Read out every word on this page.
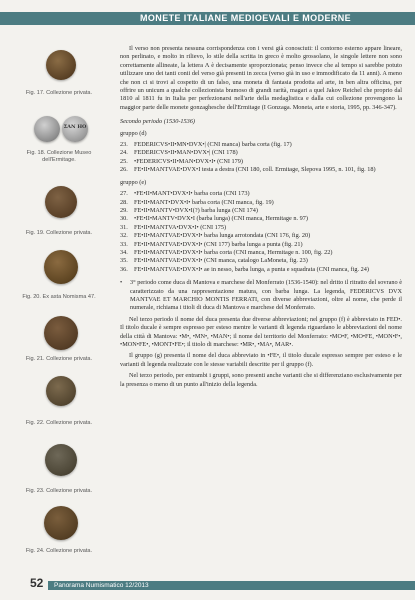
MONETE ITALIANE MEDIOEVALI E MODERNE
Fig. 17. Collezione privata.
ΣAN HO
Fig. 18. Collezione Museo dell'Ermitage.
Fig. 19. Collezione privata.
Fig. 20. Ex asta Nomisma 47.
Fig. 21. Collezione privata.
Fig. 22. Collezione privata.
Fig. 23. Collezione privata.
Fig. 24. Collezione privata.

Il verso non presenta nessuna corrispondenza con i versi già conosciuti: il contorno esterno appare lineare, non perlinato, e molto in rilievo, lo stile della scritta in greco è molto grossolano, le singole lettere non sono correttamente allineate, la lettera Λ è decisamente sproporzionata; penso invece che al tempo si sarebbe potuto utilizzare uno dei tanti conii del verso già presenti in zecca (verso già in uso e immodificato da 11 anni). A meno che non ci si trovi al cospetto di un falso, una moneta di fantasia prodotta ad arte, in ben altra officina, per offrire un unicum a qualche collezionista bramoso di grandi rarità, magari a quel Jakov Reichel che proprio dal 1810 al 1811 fu in Italia per perfezionarsi nell'arte della medaglistica e dalla cui collezione provengono la maggior parte delle monete gonzaghesche dell'Ermitage (I Gonzaga. Moneta, arte e storia, 1995, pp. 346-347).

Secondo periodo (1530-1536)

gruppo (d)

23. FEDERICVS•II•MN•DVX•| (CNI manca) barba corta (fig. 17)
24. FEDERICVS•II•MAN•DVX•| (CNI 178)
25. •FEDERICVS•II•MAN•DVX•I• (CNI 179)
26. FE•II•MANTVAE•DVX•I testa a destra (CNI 180, coll. Ermitage, Slepova 1995, n. 101, fig. 18)

gruppo (e)

27. •FE•II•MANT•DVX•I• barba corta (CNI 173)
28. FE•II•MANT•DVX•I• barba corta (CNI manca, fig. 19)
29. FE•II•MANTV•DVX•I(?) barba lunga (CNI 174)
30. •FE•II•MANTV•DVX•I (barba lunga) (CNI manca, Hermitage n. 97)
31. FE•II•MANTVA•DVX•I• (CNI 175)
32. FE•II•MANTVAE•DVX•I• barba lunga arrotondata (CNI 176, fig. 20)
33. FE•II•MANTVAE•DVX•I• (CNI 177) barba lunga a punta (fig. 21)
34. FE•II•MANTVAE•DVX•I• barba corta (CNI manca, Hermitage n. 100, fig. 22)
35. FE•II•MANTVAE•DVX•I• (CNI manca, catalogo LaMoneta, fig. 23)
36. FE•II•MANTVAE•DVX•I• ae in nesso, barba lunga, a punta e squadrata (CNI manca, fig. 24)

•	3° periodo come duca di Mantova e marchese del Monferrato (1536-1540): nel dritto il ritratto del sovrano è caratterizzato da una rappresentazione matura, con barba lunga. La legenda, FEDERICVS DVX MANTVAE ET MARCHIO MONTIS FERRATI, con diverse abbreviazioni, oltre al nome, che perde il numerale, richiama i titoli di duca di Mantova e marchese del Monferrato.

Nel terzo periodo il nome del duca presenta due diverse abbreviazioni; nel gruppo (f) è abbreviato in FED•. Il titolo ducale è sempre espresso per esteso mentre le varianti di legenda riguardano le abbreviazioni del nome della città di Mantova: •M•, •MN•, •MAN•; il nome del territorio del Monferrato: •MO•F, •MO•FE, •MON•F•, •MON•FE•, •MONT•FE•; il titolo di marchese: •MR•, •MA•, MAR•.

Il gruppo (g) presenta il nome del duca abbreviato in •FE•, il titolo ducale espresso sempre per esteso e le varianti di legenda realizzate con le stesse variabili descritte per il gruppo (f).

Nel terzo periodo, per entrambi i gruppi, sono presenti anche varianti che si differenziano esclusivamente per la presenza o meno di un punto all'inizio della legenda.

52 Panorama Numismatico 12/2013
